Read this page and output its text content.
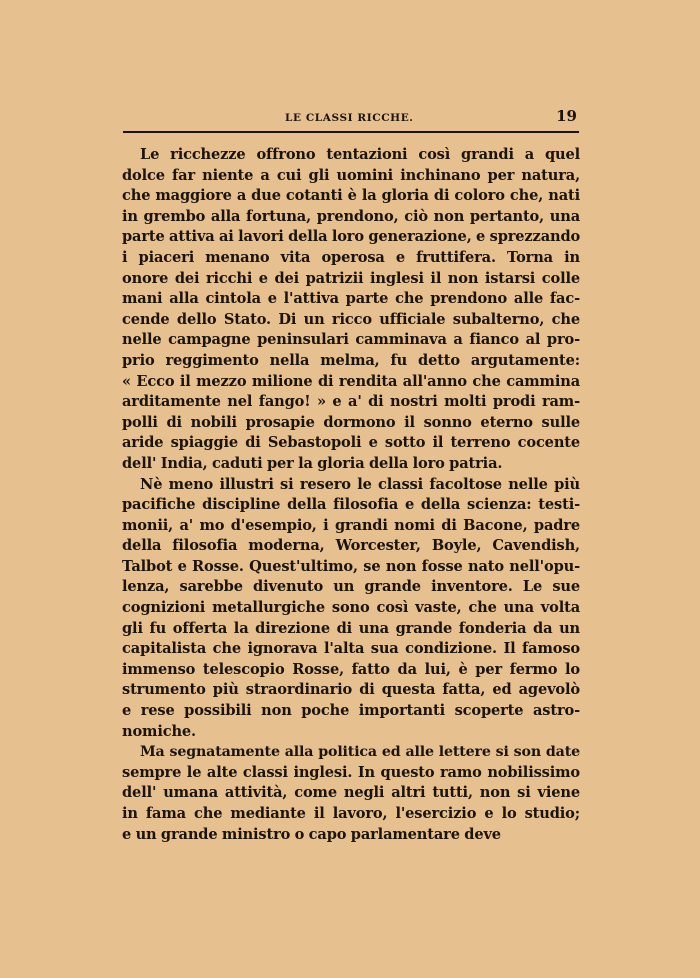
LE CLASSI RICCHE.	19
Le ricchezze offrono tentazioni così grandi a quel
dolce far niente a cui gli uomini inchinano per natura,
che maggiore a due cotanti è la gloria di coloro che, nati
in grembo alla fortuna, prendono, ciò non pertanto, una
parte attiva ai lavori della loro generazione, e sprezzando
i piaceri menano vita operosa e fruttifera. Torna in
onore dei ricchi e dei patrizii inglesi il non istarsi colle
mani alla cintola e l'attiva parte che prendono alle fac-
cende dello Stato. Di un ricco ufficiale subalterno, che
nelle campagne peninsulari camminava a fianco al pro-
prio reggimento nella melma, fu detto argutamente:
« Ecco il mezzo milione di rendita all'anno che cammina
arditamente nel fango! » e a' di nostri molti prodi ram-
polli di nobili prosapie dormono il sonno eterno sulle
aride spiaggie di Sebastopoli e sotto il terreno cocente
dell' India, caduti per la gloria della loro patria.
Nè meno illustri si resero le classi facoltose nelle più
pacifiche discipline della filosofia e della scienza: testi-
monii, a' mo d'esempio, i grandi nomi di Bacone, padre
della filosofia moderna, Worcester, Boyle, Cavendish,
Talbot e Rosse. Quest'ultimo, se non fosse nato nell'opu-
lenza, sarebbe divenuto un grande inventore. Le sue
cognizioni metallurgiche sono così vaste, che una volta
gli fu offerta la direzione di una grande fonderia da un
capitalista che ignorava l'alta sua condizione. Il famoso
immenso telescopio Rosse, fatto da lui, è per fermo lo
strumento più straordinario di questa fatta, ed agevolò
e rese possibili non poche importanti scoperte astro-
nomiche.
Ma segnatamente alla politica ed alle lettere si son date
sempre le alte classi inglesi. In questo ramo nobilissimo
dell' umana attività, come negli altri tutti, non si viene
in fama che mediante il lavoro, l'esercizio e lo studio;
e un grande ministro o capo parlamentare deve
